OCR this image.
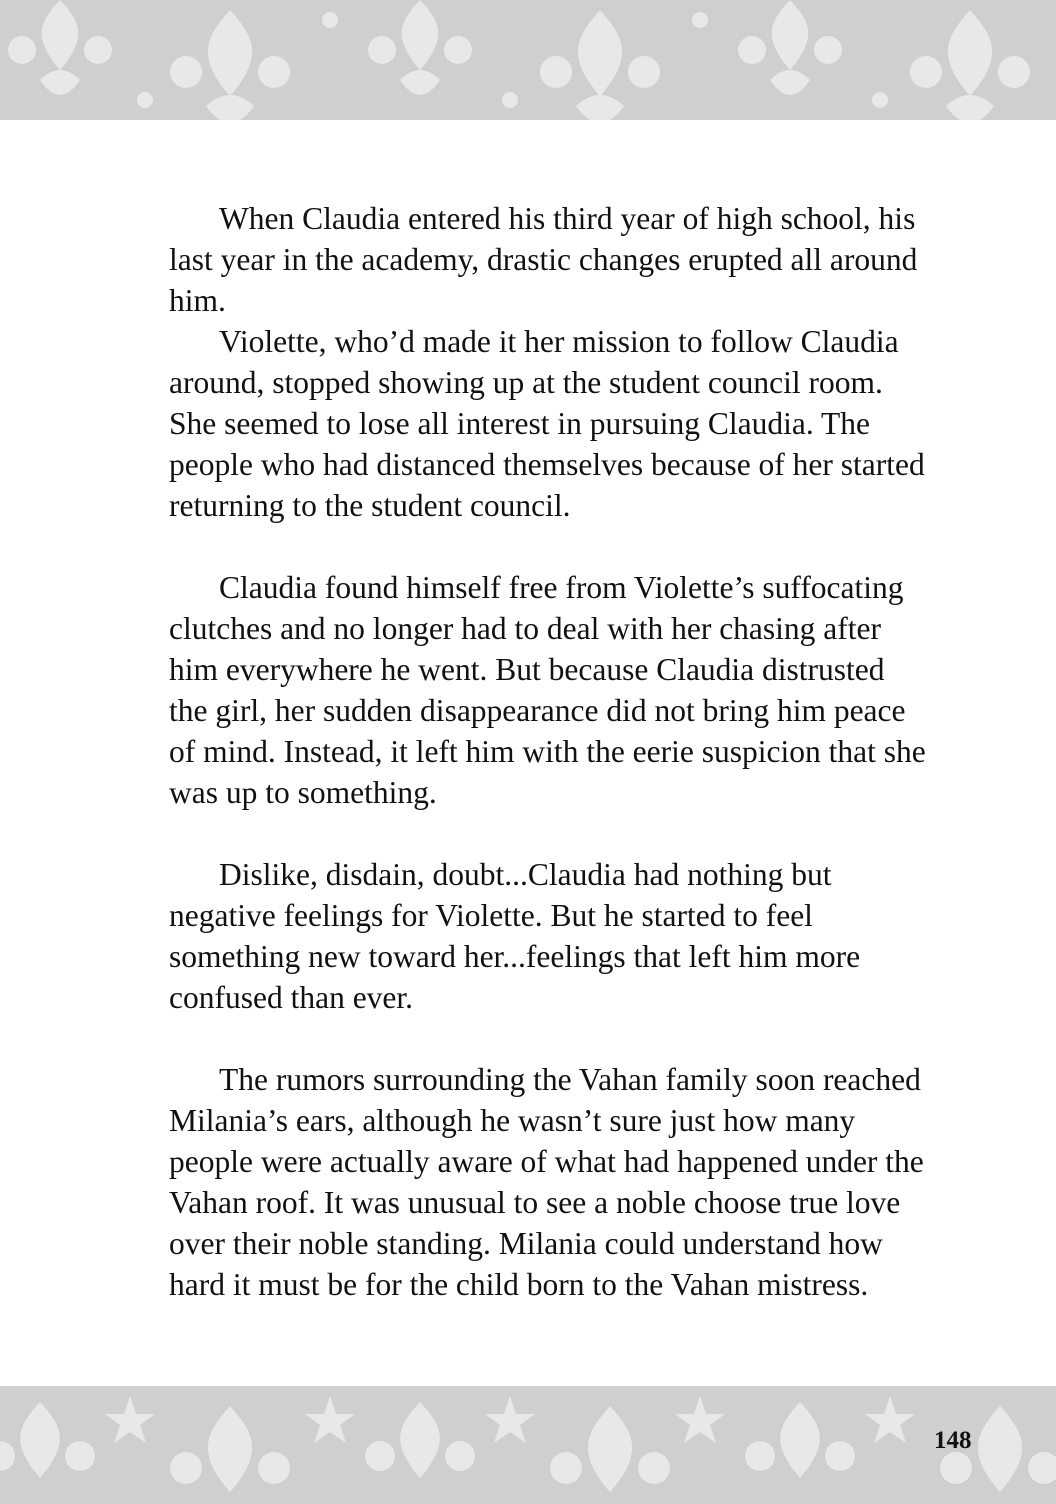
When Claudia entered his third year of high school, his last year in the academy, drastic changes erupted all around him.

Violette, who’d made it her mission to follow Claudia around, stopped showing up at the student council room. She seemed to lose all interest in pursuing Claudia. The people who had distanced themselves because of her started returning to the student council.

Claudia found himself free from Violette’s suffocating clutches and no longer had to deal with her chasing after him everywhere he went. But because Claudia distrusted the girl, her sudden disappearance did not bring him peace of mind. Instead, it left him with the eerie suspicion that she was up to something.

Dislike, disdain, doubt...Claudia had nothing but negative feelings for Violette. But he started to feel something new toward her...feelings that left him more confused than ever.

The rumors surrounding the Vahan family soon reached Milania’s ears, although he wasn’t sure just how many people were actually aware of what had happened under the Vahan roof. It was unusual to see a noble choose true love over their noble standing. Milania could understand how hard it must be for the child born to the Vahan mistress.

148
